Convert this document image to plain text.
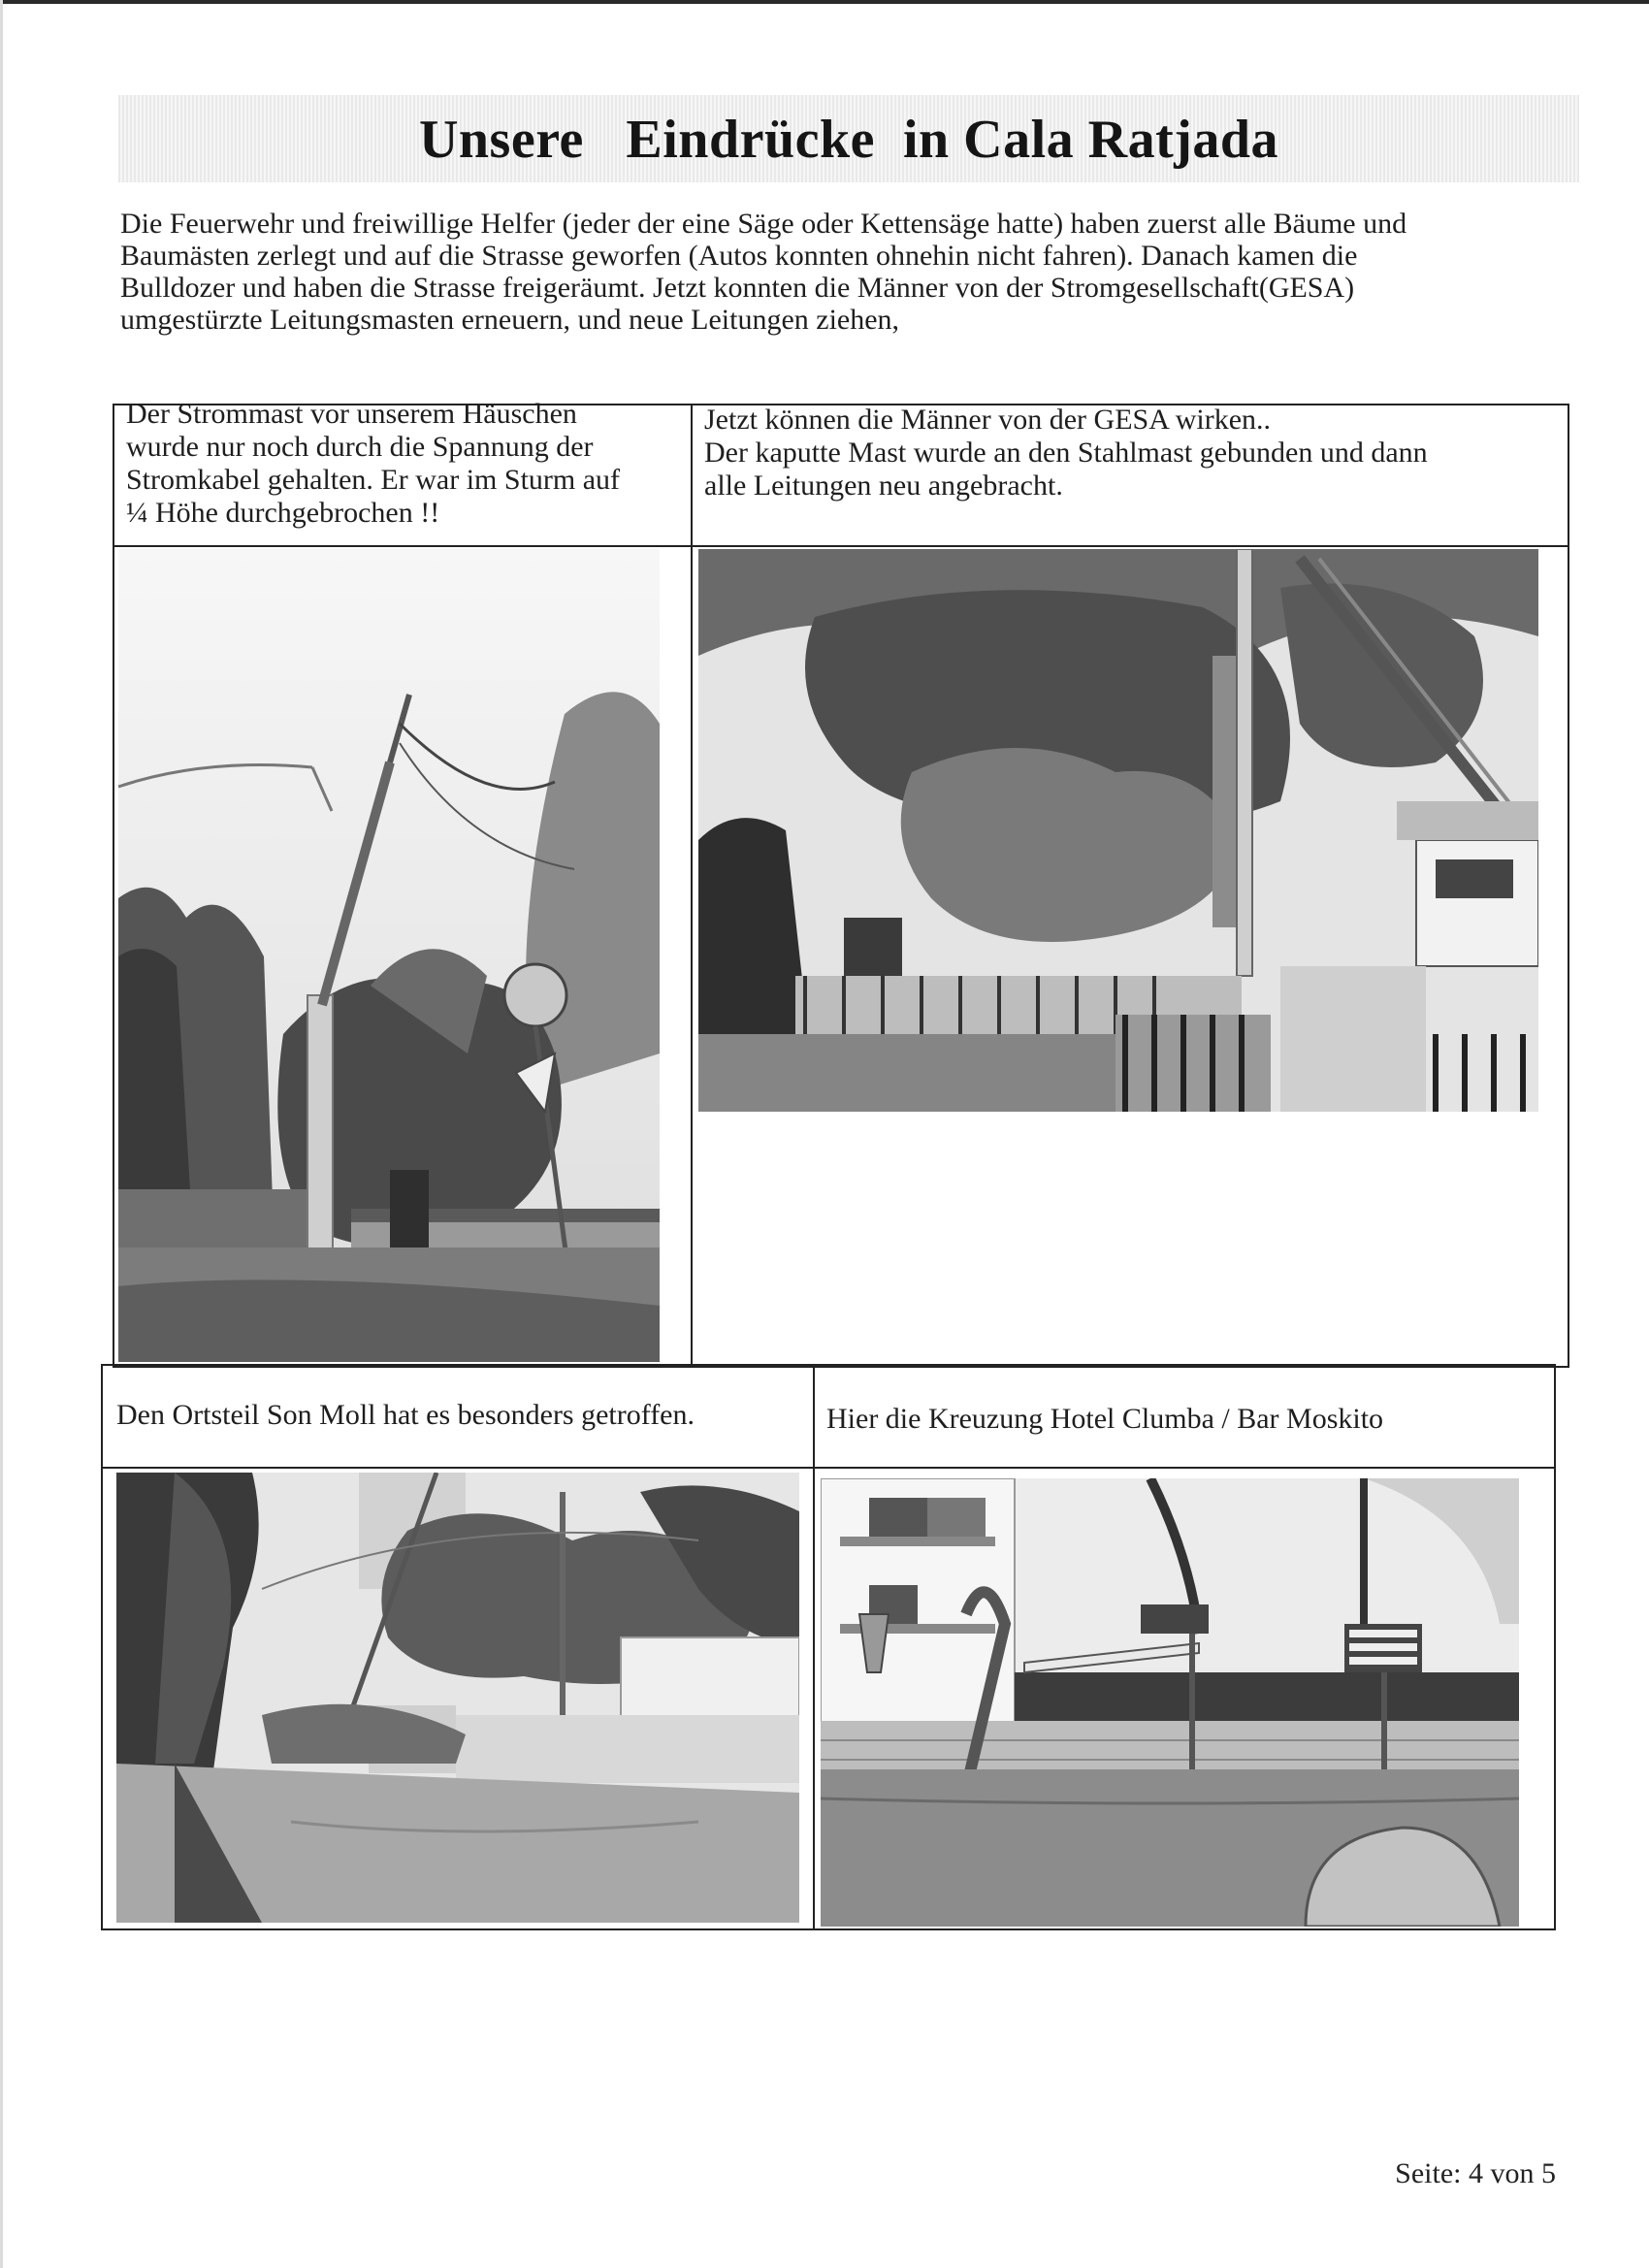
Unsere   Eindrücke  in Cala Ratjada

Die Feuerwehr und freiwillige Helfer (jeder der eine Säge oder Kettensäge hatte) haben zuerst alle Bäume und
Baumästen zerlegt und auf die Strasse geworfen (Autos konnten ohnehin nicht fahren). Danach kamen die
Bulldozer und haben die Strasse freigeräumt. Jetzt konnten die Männer von der Stromgesellschaft(GESA)
umgestürzte Leitungsmasten erneuern, und neue Leitungen ziehen,

Der Strommast vor unserem Häuschen
wurde nur noch durch die Spannung der
Stromkabel gehalten. Er war im Sturm auf
¼ Höhe durchgebrochen !!

Jetzt können die Männer von der GESA wirken..
Der kaputte Mast wurde an den Stahlmast gebunden und dann
alle Leitungen neu angebracht.

Den Ortsteil Son Moll hat es besonders getroffen.	Hier die Kreuzung Hotel Clumba / Bar Moskito

Seite: 4 von 5
